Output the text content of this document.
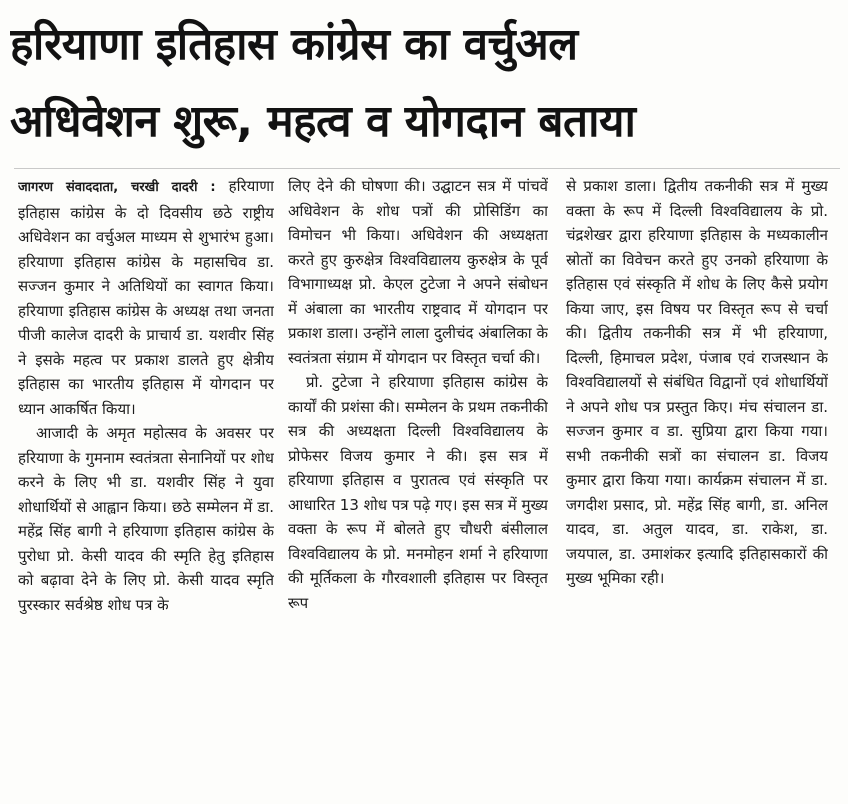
हरियाणा इतिहास कांग्रेस का वर्चुअल
अधिवेशन शुरू, महत्व व योगदान बताया

जागरण संवाददाता, चरखी दादरी : हरियाणा इतिहास कांग्रेस के दो दिवसीय छठे राष्ट्रीय अधिवेशन का वर्चुअल माध्यम से शुभारंभ हुआ। हरियाणा इतिहास कांग्रेस के महासचिव डा. सज्जन कुमार ने अतिथियों का स्वागत किया। हरियाणा इतिहास कांग्रेस के अध्यक्ष तथा जनता पीजी कालेज दादरी के प्राचार्य डा. यशवीर सिंह ने इसके महत्व पर प्रकाश डालते हुए क्षेत्रीय इतिहास का भारतीय इतिहास में योगदान पर ध्यान आकर्षित किया।

आजादी के अमृत महोत्सव के अवसर पर हरियाणा के गुमनाम स्वतंत्रता सेनानियों पर शोध करने के लिए भी डा. यशवीर सिंह ने युवा शोधार्थियों से आह्वान किया। छठे सम्मेलन में डा. महेंद्र सिंह बागी ने हरियाणा इतिहास कांग्रेस के पुरोधा प्रो. केसी यादव की स्मृति हेतु इतिहास को बढ़ावा देने के लिए प्रो. केसी यादव स्मृति पुरस्कार सर्वश्रेष्ठ शोध पत्र के

लिए देने की घोषणा की। उद्घाटन सत्र में पांचवें अधिवेशन के शोध पत्रों की प्रोसिडिंग का विमोचन भी किया। अधिवेशन की अध्यक्षता करते हुए कुरुक्षेत्र विश्वविद्यालय कुरुक्षेत्र के पूर्व विभागाध्यक्ष प्रो. केएल टुटेजा ने अपने संबोधन में अंबाला का भारतीय राष्ट्रवाद में योगदान पर प्रकाश डाला। उन्होंने लाला दुलीचंद अंबालिका के स्वतंत्रता संग्राम में योगदान पर विस्तृत चर्चा की।

प्रो. टुटेजा ने हरियाणा इतिहास कांग्रेस के कार्यों की प्रशंसा की। सम्मेलन के प्रथम तकनीकी सत्र की अध्यक्षता दिल्ली विश्वविद्यालय के प्रोफेसर विजय कुमार ने की। इस सत्र में हरियाणा इतिहास व पुरातत्व एवं संस्कृति पर आधारित 13 शोध पत्र पढ़े गए। इस सत्र में मुख्य वक्ता के रूप में बोलते हुए चौधरी बंसीलाल विश्वविद्यालय के प्रो. मनमोहन शर्मा ने हरियाणा की मूर्तिकला के गौरवशाली इतिहास पर विस्तृत रूप

से प्रकाश डाला। द्वितीय तकनीकी सत्र में मुख्य वक्ता के रूप में दिल्ली विश्वविद्यालय के प्रो. चंद्रशेखर द्वारा हरियाणा इतिहास के मध्यकालीन स्रोतों का विवेचन करते हुए उनको हरियाणा के इतिहास एवं संस्कृति में शोध के लिए कैसे प्रयोग किया जाए, इस विषय पर विस्तृत रूप से चर्चा की। द्वितीय तकनीकी सत्र में भी हरियाणा, दिल्ली, हिमाचल प्रदेश, पंजाब एवं राजस्थान के विश्वविद्यालयों से संबंधित विद्वानों एवं शोधार्थियों ने अपने शोध पत्र प्रस्तुत किए। मंच संचालन डा. सज्जन कुमार व डा. सुप्रिया द्वारा किया गया। सभी तकनीकी सत्रों का संचालन डा. विजय कुमार द्वारा किया गया। कार्यक्रम संचालन में डा. जगदीश प्रसाद, प्रो. महेंद्र सिंह बागी, डा. अनिल यादव, डा. अतुल यादव, डा. राकेश, डा. जयपाल, डा. उमाशंकर इत्यादि इतिहासकारों की मुख्य भूमिका रही।
